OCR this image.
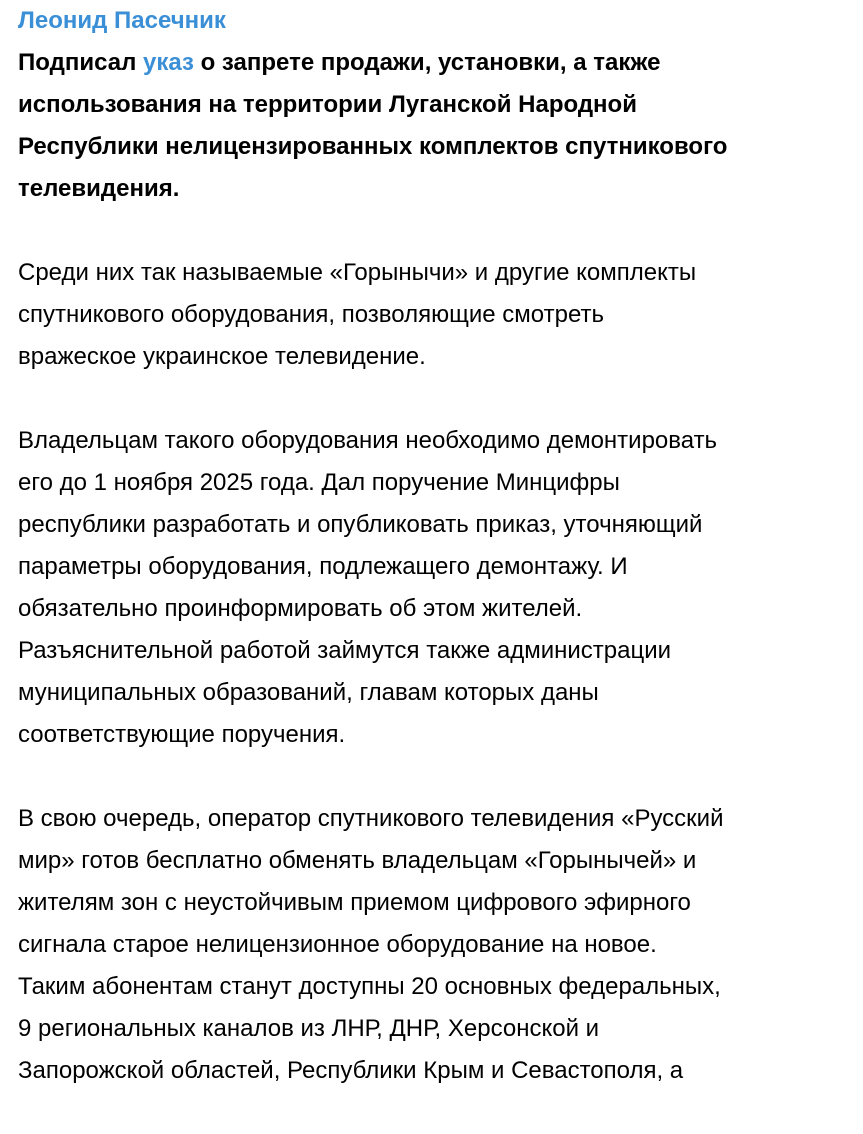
Леонид Пасечник
Подписал указ о запрете продажи, установки, а также
использования на территории Луганской Народной
Республики нелицензированных комплектов спутникового
телевидения.
Среди них так называемые «Горынычи» и другие комплекты
спутникового оборудования, позволяющие смотреть
вражеское украинское телевидение.
Владельцам такого оборудования необходимо демонтировать
его до 1 ноября 2025 года. Дал поручение Минцифры
республики разработать и опубликовать приказ, уточняющий
параметры оборудования, подлежащего демонтажу. И
обязательно проинформировать об этом жителей.
Разъяснительной работой займутся также администрации
муниципальных образований, главам которых даны
соответствующие поручения.
В свою очередь, оператор спутникового телевидения «Русский
мир» готов бесплатно обменять владельцам «Горынычей» и
жителям зон с неустойчивым приемом цифрового эфирного
сигнала старое нелицензионное оборудование на новое.
Таким абонентам станут доступны 20 основных федеральных,
9 региональных каналов из ЛНР, ДНР, Херсонской и
Запорожской областей, Республики Крым и Севастополя, а
